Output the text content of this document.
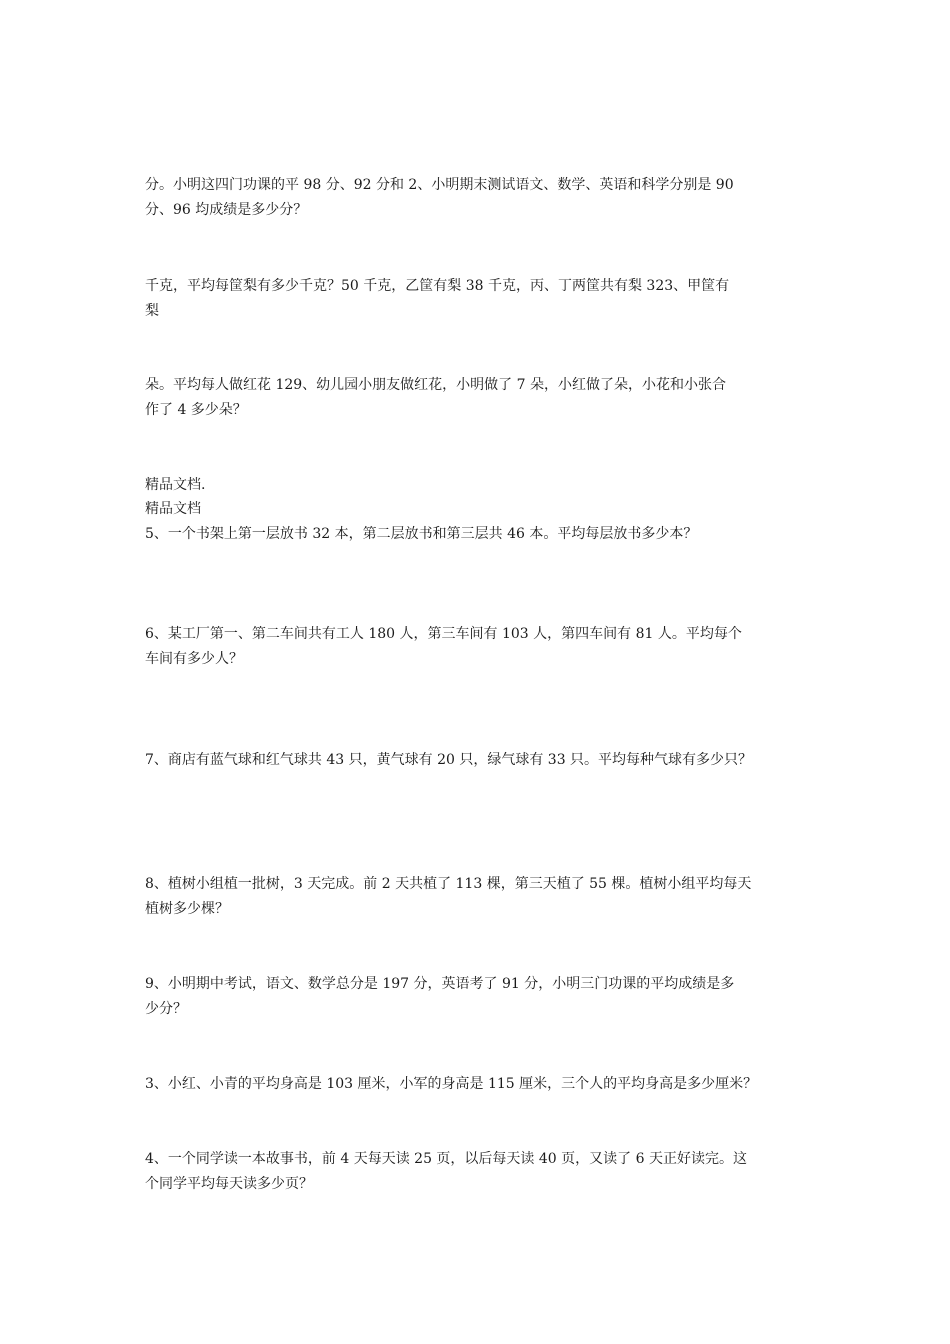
分。小明这四门功课的平 98 分、92 分和 2、小明期末测试语文、数学、英语和科学分别是 90
分、96 均成绩是多少分？
千克，平均每筐梨有多少千克？50 千克，乙筐有梨 38 千克，丙、丁两筐共有梨 323、甲筐有
梨
朵。平均每人做红花 129、幼儿园小朋友做红花，小明做了 7 朵，小红做了朵，小花和小张合
作了 4 多少朵？
精品文档.
精品文档
5、一个书架上第一层放书 32 本，第二层放书和第三层共 46 本。平均每层放书多少本？
6、某工厂第一、第二车间共有工人 180 人，第三车间有 103 人，第四车间有 81 人。平均每个
车间有多少人？
7、商店有蓝气球和红气球共 43 只，黄气球有 20 只，绿气球有 33 只。平均每种气球有多少只？
8、植树小组植一批树，3 天完成。前 2 天共植了 113 棵，第三天植了 55 棵。植树小组平均每天
植树多少棵？
9、小明期中考试，语文、数学总分是 197 分，英语考了 91 分，小明三门功课的平均成绩是多
少分？
3、小红、小青的平均身高是 103 厘米，小军的身高是 115 厘米，三个人的平均身高是多少厘米？
4、一个同学读一本故事书，前 4 天每天读 25 页，以后每天读 40 页，又读了 6 天正好读完。这
个同学平均每天读多少页？
